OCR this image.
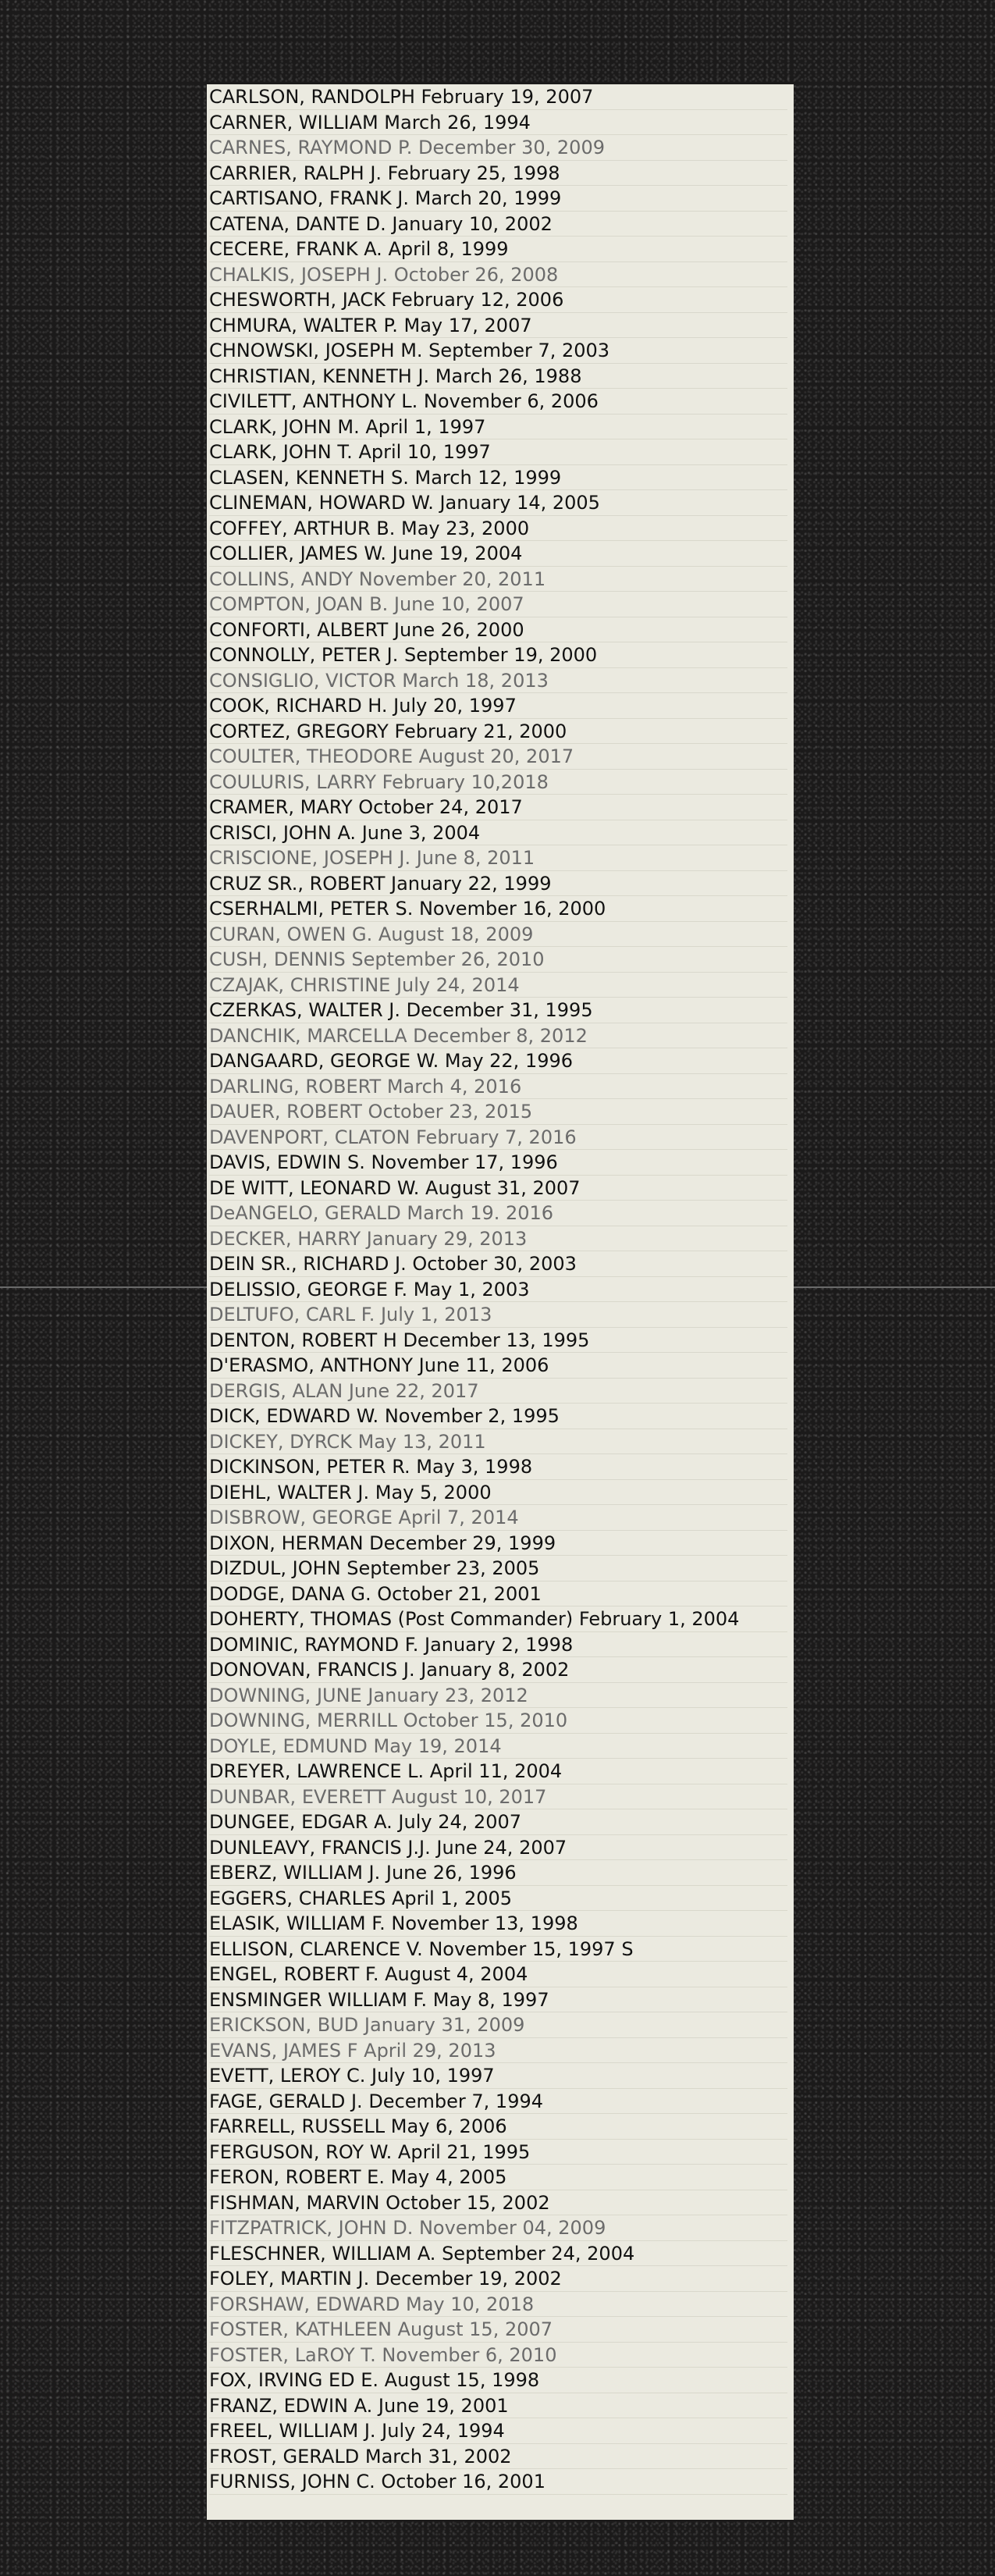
CARLSON, RANDOLPH February 19, 2007
CARNER, WILLIAM March 26, 1994
CARNES, RAYMOND P. December 30, 2009
CARRIER, RALPH J. February 25, 1998
CARTISANO, FRANK J. March 20, 1999
CATENA, DANTE D. January 10, 2002
CECERE, FRANK A. April 8, 1999
CHALKIS, JOSEPH J. October 26, 2008
CHESWORTH, JACK February 12, 2006
CHMURA, WALTER P. May 17, 2007
CHNOWSKI, JOSEPH M. September 7, 2003
CHRISTIAN, KENNETH J. March 26, 1988
CIVILETT, ANTHONY L. November 6, 2006
CLARK, JOHN M. April 1, 1997
CLARK, JOHN T. April 10, 1997
CLASEN, KENNETH S. March 12, 1999
CLINEMAN, HOWARD W. January 14, 2005
COFFEY, ARTHUR B. May 23, 2000
COLLIER, JAMES W. June 19, 2004
COLLINS, ANDY November 20, 2011
COMPTON, JOAN B. June 10, 2007
CONFORTI, ALBERT June 26, 2000
CONNOLLY, PETER J. September 19, 2000
CONSIGLIO, VICTOR March 18, 2013
COOK, RICHARD H. July 20, 1997
CORTEZ, GREGORY February 21, 2000
COULTER, THEODORE August 20, 2017
COULURIS, LARRY February 10,2018
CRAMER, MARY October 24, 2017
CRISCI, JOHN A. June 3, 2004
CRISCIONE, JOSEPH J. June 8, 2011
CRUZ SR., ROBERT January 22, 1999
CSERHALMI, PETER S. November 16, 2000
CURAN, OWEN G. August 18, 2009
CUSH, DENNIS September 26, 2010
CZAJAK, CHRISTINE July 24, 2014
CZERKAS, WALTER J. December 31, 1995
DANCHIK, MARCELLA December 8, 2012
DANGAARD, GEORGE W. May 22, 1996
DARLING, ROBERT March 4, 2016
DAUER, ROBERT October 23, 2015
DAVENPORT, CLATON February 7, 2016
DAVIS, EDWIN S. November 17, 1996
DE WITT, LEONARD W. August 31, 2007
DeANGELO, GERALD March 19. 2016
DECKER, HARRY January 29, 2013
DEIN SR., RICHARD J. October 30, 2003
DELISSIO, GEORGE F. May 1, 2003
DELTUFO, CARL F. July 1, 2013
DENTON, ROBERT H December 13, 1995
D'ERASMO, ANTHONY June 11, 2006
DERGIS, ALAN June 22, 2017
DICK, EDWARD W. November 2, 1995
DICKEY, DYRCK May 13, 2011
DICKINSON, PETER R. May 3, 1998
DIEHL, WALTER J. May 5, 2000
DISBROW, GEORGE April 7, 2014
DIXON, HERMAN December 29, 1999
DIZDUL, JOHN September 23, 2005
DODGE, DANA G. October 21, 2001
DOHERTY, THOMAS (Post Commander) February 1, 2004
DOMINIC, RAYMOND F. January 2, 1998
DONOVAN, FRANCIS J. January 8, 2002
DOWNING, JUNE January 23, 2012
DOWNING, MERRILL October 15, 2010
DOYLE, EDMUND May 19, 2014
DREYER, LAWRENCE L. April 11, 2004
DUNBAR, EVERETT August 10, 2017
DUNGEE, EDGAR A. July 24, 2007
DUNLEAVY, FRANCIS J.J. June 24, 2007
EBERZ, WILLIAM J. June 26, 1996
EGGERS, CHARLES April 1, 2005
ELASIK, WILLIAM F. November 13, 1998
ELLISON, CLARENCE V. November 15, 1997 S
ENGEL, ROBERT F. August 4, 2004
ENSMINGER WILLIAM F. May 8, 1997
ERICKSON, BUD January 31, 2009
EVANS, JAMES F April 29, 2013
EVETT, LEROY C. July 10, 1997
FAGE, GERALD J. December 7, 1994
FARRELL, RUSSELL May 6, 2006
FERGUSON, ROY W. April 21, 1995
FERON, ROBERT E. May 4, 2005
FISHMAN, MARVIN October 15, 2002
FITZPATRICK, JOHN D. November 04, 2009
FLESCHNER, WILLIAM A. September 24, 2004
FOLEY, MARTIN J. December 19, 2002
FORSHAW, EDWARD May 10, 2018
FOSTER, KATHLEEN August 15, 2007
FOSTER, LaROY T. November 6, 2010
FOX, IRVING ED E. August 15, 1998
FRANZ, EDWIN A. June 19, 2001
FREEL, WILLIAM J. July 24, 1994
FROST, GERALD March 31, 2002
FURNISS, JOHN C. October 16, 2001
